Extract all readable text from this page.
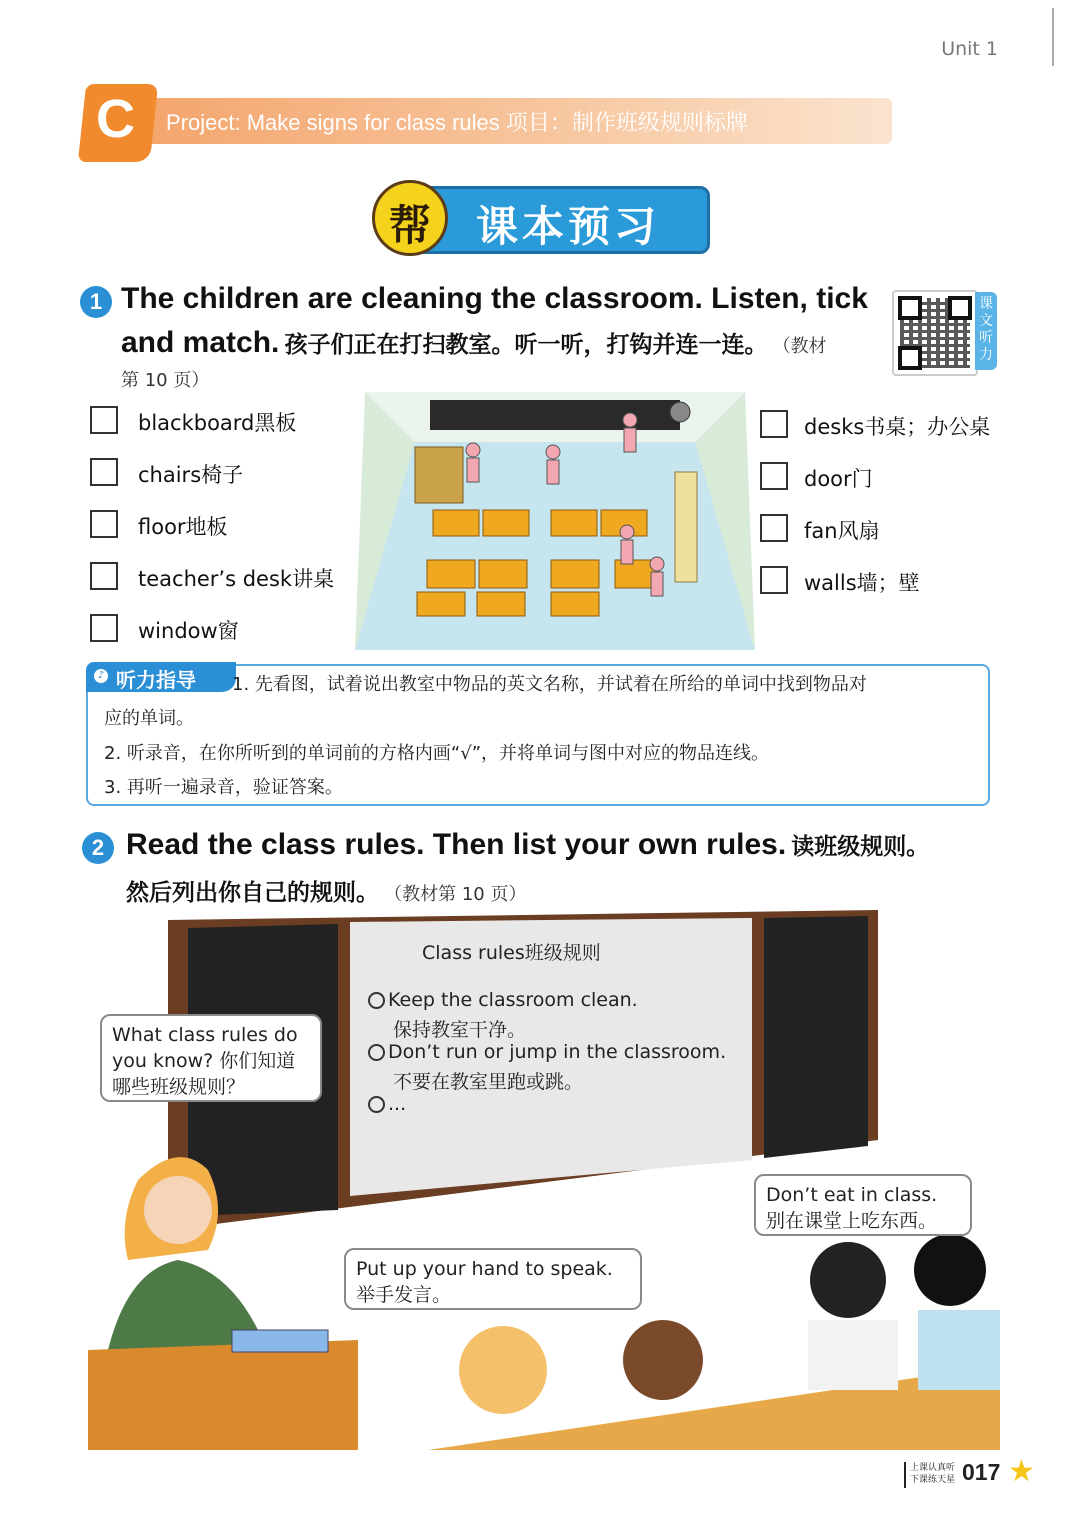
Unit 1
C Project: Make signs for class rules 项目：制作班级规则标牌
帮	课本预习
1 The children are cleaning the classroom. Listen, tick
and match. 孩子们正在打扫教室。听一听，打钩并连一连。 （教材
第 10 页）
课文听力
blackboard黑板
chairs椅子
floor地板
teacher’s desk讲桌
window窗
desks书桌；办公桌
door门
fan风扇
walls墙；壁
♪ 听力指导 1. 先看图，试着说出教室中物品的英文名称，并试着在所给的单词中找到物品对
应的单词。
2. 听录音，在你所听到的单词前的方格内画“√”，并将单词与图中对应的物品连线。
3. 再听一遍录音，验证答案。
2 Read the class rules. Then list your own rules. 读班级规则。
然后列出你自己的规则。 （教材第 10 页）
Class rules班级规则
Keep the classroom clean.
保持教室干净。
Don’t run or jump in the classroom.
不要在教室里跑或跳。
...
What class rules do
you know? 你们知道
哪些班级规则？
Put up your hand to speak.
举手发言。
Don’t eat in class.
别在课堂上吃东西。
上课认真听
下课练天星 017 ★
